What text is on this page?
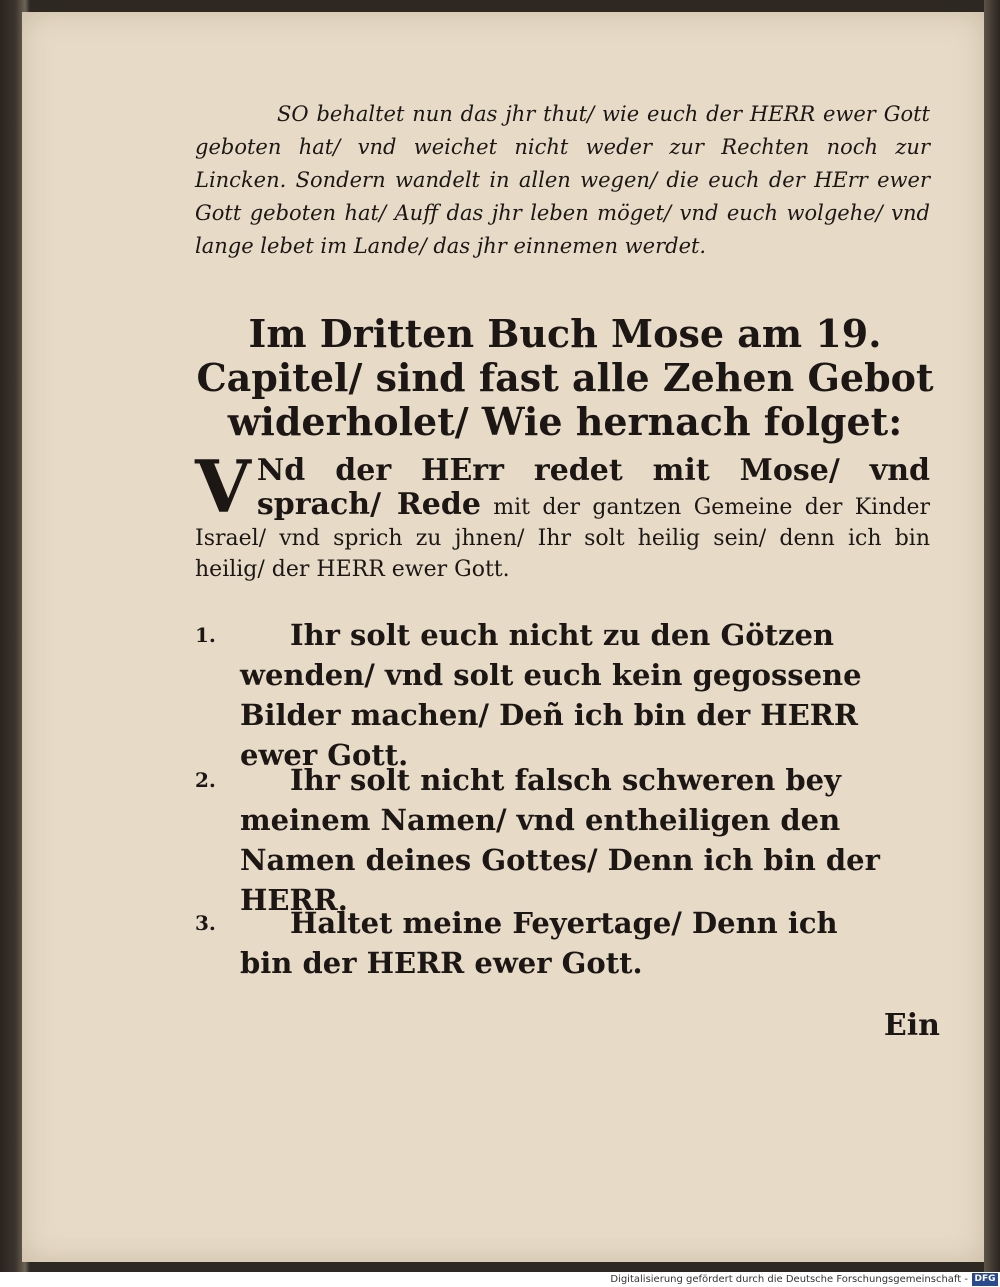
SO behaltet nun das jhr thut/ wie euch der HERR ewer Gott geboten hat/ vnd weichet nicht weder zur Rechten noch zur Lincken. Sondern wandelt in allen wegen/ die euch der HErr ewer Gott geboten hat/ Auff das jhr leben möget/ vnd euch wolgehe/ vnd lange lebet im Lande/ das jhr einnemen werdet.
Im Dritten Buch Mose am 19. Capitel/ sind fast alle Zehen Gebot widerholet/ Wie hernach folget:
V Nd der HErr redet mit Mose/ vnd sprach/ Rede mit der gantzen Gemeine der Kinder Israel/ vnd sprich zu jhnen/ Ihr solt heilig sein/ denn ich bin heilig/ der HERR ewer Gott.
1.	Ihr solt euch nicht zu den Götzen wenden/ vnd solt euch kein gegossene Bilder machen/ Deñ ich bin der HERR ewer Gott.
2.	Ihr solt nicht falsch schweren bey meinem Namen/ vnd entheiligen den Namen deines Gottes/ Denn ich bin der HERR.
3.	Haltet meine Feyertage/ Denn ich bin der HERR ewer Gott.
Ein
Digitalisierung gefördert durch die Deutsche Forschungsgemeinschaft - DFG
